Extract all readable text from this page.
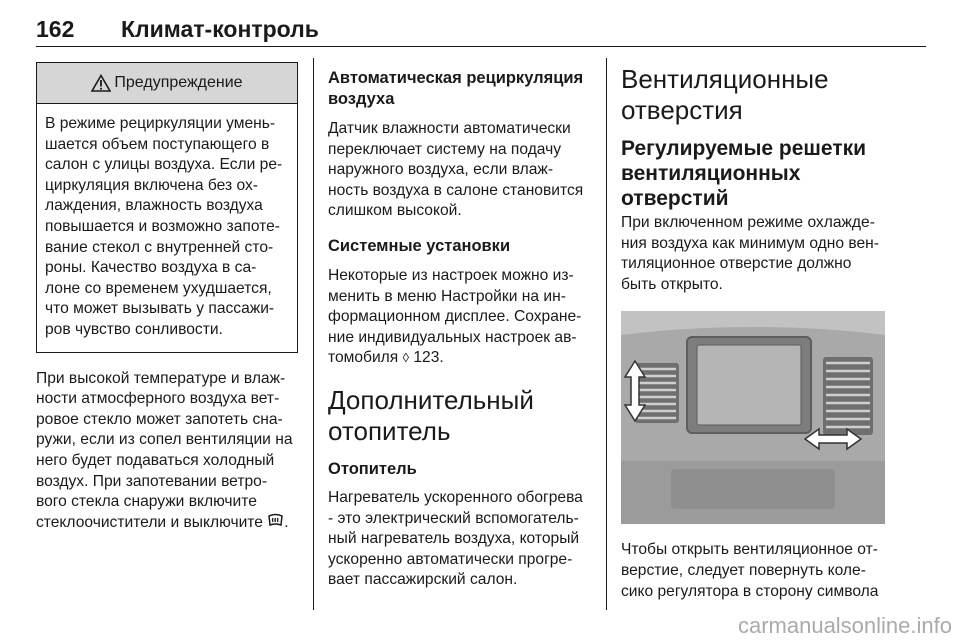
162 Климат-контроль
Предупреждение

В режиме рециркуляции умень-

шается объем поступающего в

салон с улицы воздуха. Если ре-

циркуляция включена без ох-

лаждения, влажность воздуха

повышается и возможно запоте-

вание стекол с внутренней сто-

роны. Качество воздуха в са-

лоне со временем ухудшается,

что может вызывать у пассажи-

ров чувство сонливости.

При высокой температуре и влаж-

ности атмосферного воздуха вет-

ровое стекло может запотеть сна-

ружи, если из сопел вентиляции на

него будет подаваться холодный

воздух. При запотевании ветро-

вого стекла снаружи включите

стеклоочистители и выключите .

Автоматическая рециркуляция

воздуха

Датчик влажности автоматически

переключает систему на подачу

наружного воздуха, если влаж-

ность воздуха в салоне становится

слишком высокой.

Системные установки

Некоторые из настроек можно из-

менить в меню Настройки на ин-

формационном дисплее. Сохране-

ние индивидуальных настроек ав-

томобиля ◊ 123.

Дополнительный

отопитель

Отопитель

Нагреватель ускоренного обогрева

- это электрический вспомогатель-

ный нагреватель воздуха, который

ускоренно автоматически прогре-

вает пассажирский салон.

Вентиляционные

отверстия

Регулируемые решетки

вентиляционных

отверстий

При включенном режиме охлажде-

ния воздуха как минимум одно вен-

тиляционное отверстие должно

быть открыто.

Чтобы открыть вентиляционное от-

верстие, следует повернуть коле-

сико регулятора в сторону символа

carmanualsonline.info
